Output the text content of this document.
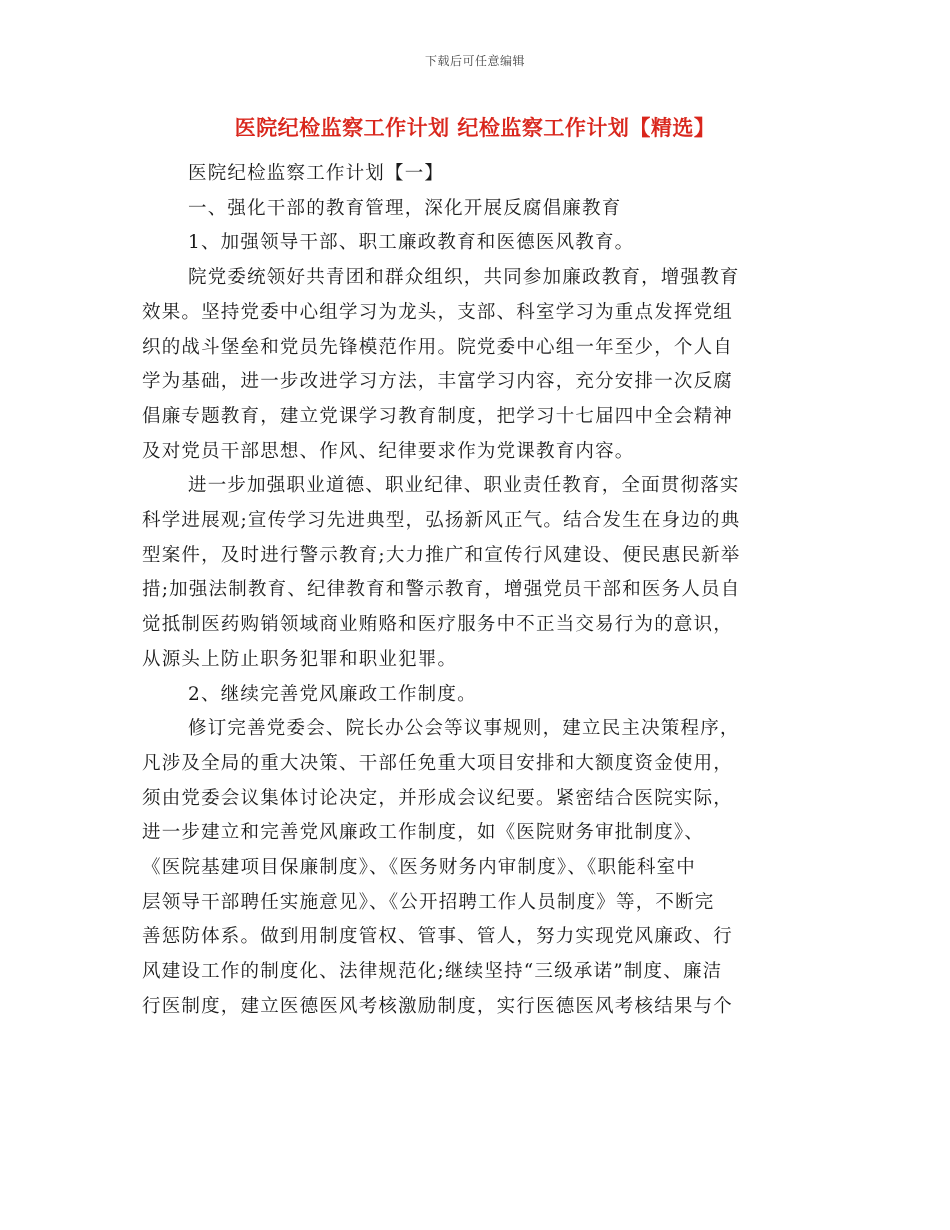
下载后可任意编辑
医院纪检监察工作计划 纪检监察工作计划【精选】
医院纪检监察工作计划【一】
一、强化干部的教育管理，深化开展反腐倡廉教育
1、加强领导干部、职工廉政教育和医德医风教育。
院党委统领好共青团和群众组织，共同参加廉政教育，增强教育
效果。坚持党委中心组学习为龙头，支部、科室学习为重点发挥党组
织的战斗堡垒和党员先锋模范作用。院党委中心组一年至少，个人自
学为基础，进一步改进学习方法，丰富学习内容，充分安排一次反腐
倡廉专题教育，建立党课学习教育制度，把学习十七届四中全会精神
及对党员干部思想、作风、纪律要求作为党课教育内容。
进一步加强职业道德、职业纪律、职业责任教育，全面贯彻落实
科学进展观;宣传学习先进典型，弘扬新风正气。结合发生在身边的典
型案件，及时进行警示教育;大力推广和宣传行风建设、便民惠民新举
措;加强法制教育、纪律教育和警示教育，增强党员干部和医务人员自
觉抵制医药购销领域商业贿赂和医疗服务中不正当交易行为的意识，
从源头上防止职务犯罪和职业犯罪。
2、继续完善党风廉政工作制度。
修订完善党委会、院长办公会等议事规则，建立民主决策程序，
凡涉及全局的重大决策、干部任免重大项目安排和大额度资金使用，
须由党委会议集体讨论决定，并形成会议纪要。紧密结合医院实际，
进一步建立和完善党风廉政工作制度，如《医院财务审批制度》、
《医院基建项目保廉制度》、《医务财务内审制度》、《职能科室中
层领导干部聘任实施意见》、《公开招聘工作人员制度》等，不断完
善惩防体系。做到用制度管权、管事、管人，努力实现党风廉政、行
风建设工作的制度化、法律规范化;继续坚持“三级承诺”制度、廉洁
行医制度，建立医德医风考核激励制度，实行医德医风考核结果与个
